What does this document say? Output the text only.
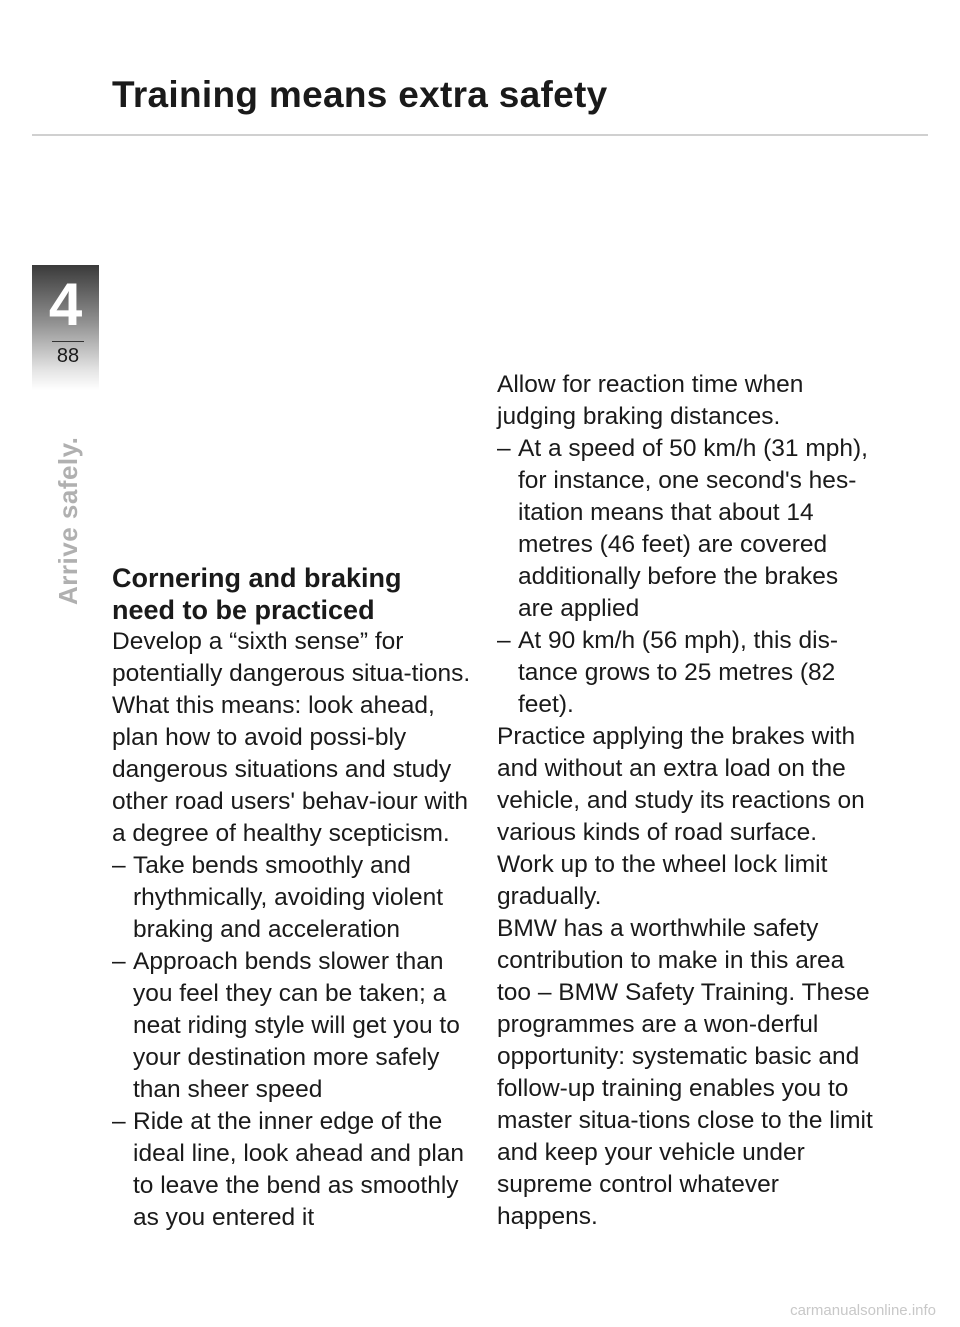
Training means extra safety
4
88
Arrive safely. Cornering and braking
need to be practiced

Develop a “sixth sense” for potentially dangerous situa-tions. What this means: look ahead, plan how to avoid possi-bly dangerous situations and study other road users' behav-iour with a degree of healthy scepticism.

– Take bends smoothly and rhythmically, avoiding violent braking and acceleration
– Approach bends slower than you feel they can be taken; a neat riding style will get you to your destination more safely than sheer speed
– Ride at the inner edge of the ideal line, look ahead and plan to leave the bend as smoothly as you entered it

Allow for reaction time when judging braking distances.

– At a speed of 50 km/h (31 mph), for instance, one second's hes-itation means that about 14 metres (46 feet) are covered additionally before the brakes are applied
– At 90 km/h (56 mph), this dis-tance grows to 25 metres (82 feet).

Practice applying the brakes with and without an extra load on the vehicle, and study its reactions on various kinds of road surface.

Work up to the wheel lock limit gradually.

BMW has a worthwhile safety contribution to make in this area too – BMW Safety Training. These programmes are a won-derful opportunity: systematic basic and follow-up training enables you to master situa-tions close to the limit and keep your vehicle under supreme control whatever happens.

carmanualsonline.info
